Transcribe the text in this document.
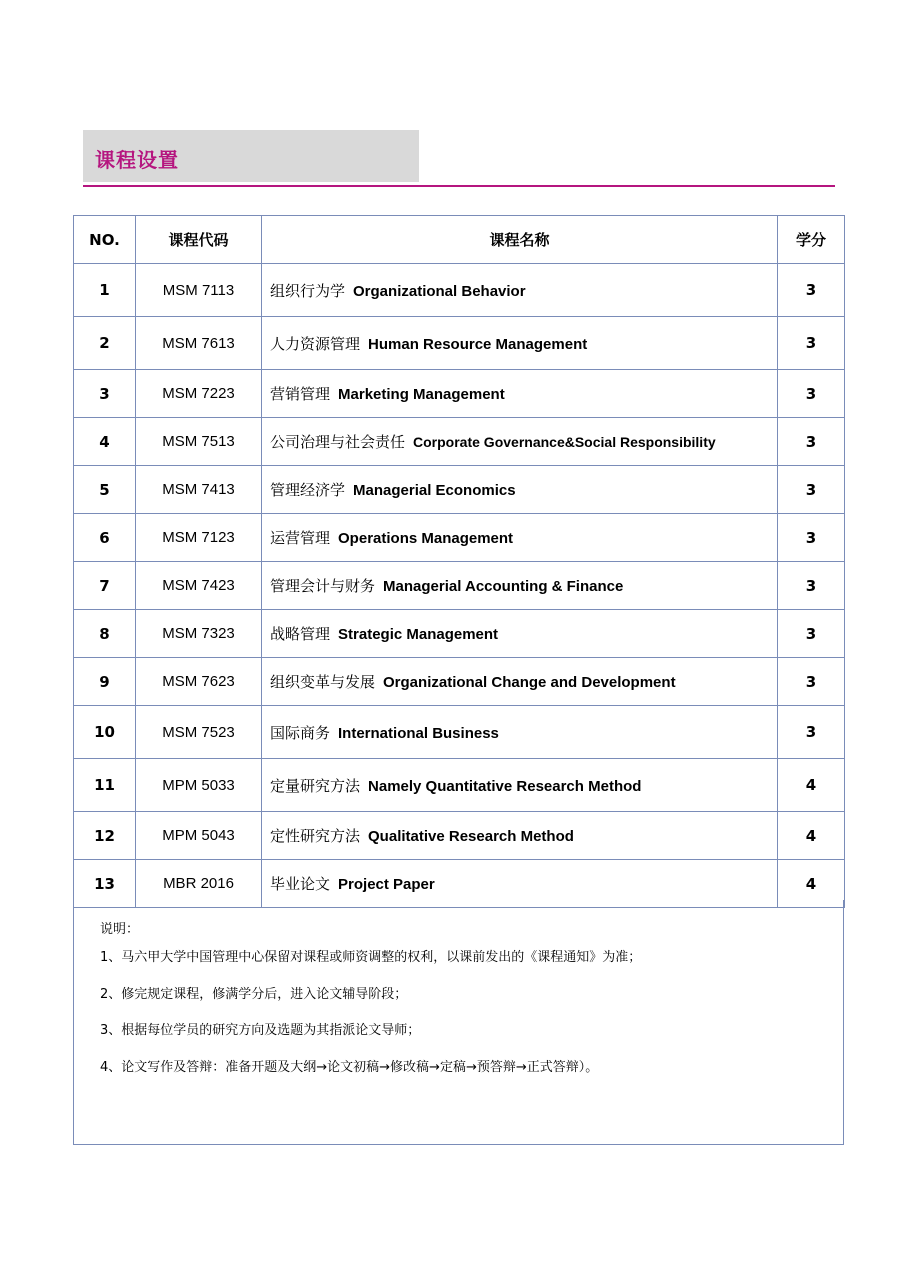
课程设置
NO.	课程代码	课程名称	学分
1	MSM 7113	组织行为学 Organizational Behavior	3
2	MSM 7613	人力资源管理 Human Resource Management	3
3	MSM 7223	营销管理 Marketing Management	3
4	MSM 7513	公司治理与社会责任 Corporate Governance&Social Responsibility	3
5	MSM 7413	管理经济学 Managerial Economics	3
6	MSM 7123	运营管理 Operations Management	3
7	MSM 7423	管理会计与财务 Managerial Accounting & Finance	3
8	MSM 7323	战略管理 Strategic Management	3
9	MSM 7623	组织变革与发展 Organizational Change and Development	3
10	MSM 7523	国际商务 International Business	3
11	MPM 5033	定量研究方法 Namely Quantitative Research Method	4
12	MPM 5043	定性研究方法 Qualitative Research Method	4
13	MBR 2016	毕业论文 Project Paper	4
说明：
1、马六甲大学中国管理中心保留对课程或师资调整的权利，以课前发出的《课程通知》为准；
2、修完规定课程，修满学分后，进入论文辅导阶段；
3、根据每位学员的研究方向及选题为其指派论文导师；
4、论文写作及答辩：准备开题及大纲→论文初稿→修改稿→定稿→预答辩→正式答辩）。
